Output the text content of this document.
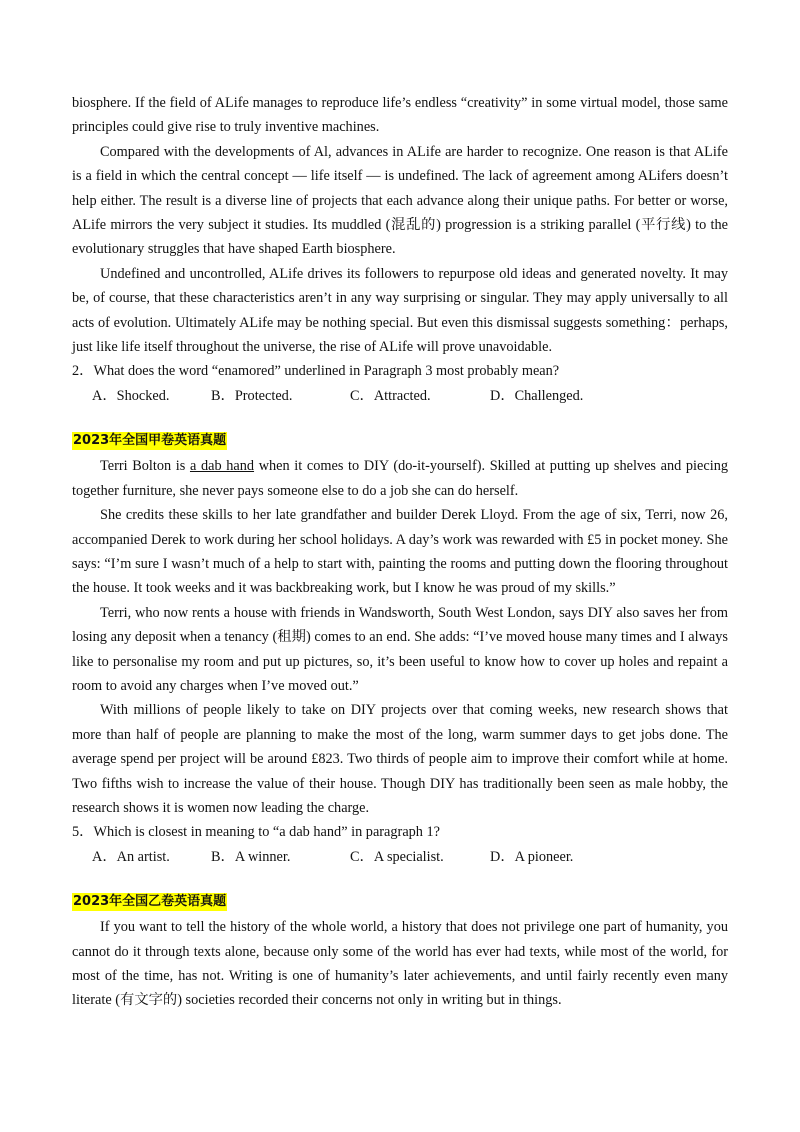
biosphere. If the field of ALife manages to reproduce life’s endless “creativity” in some virtual model, those same principles could give rise to truly inventive machines.

Compared with the developments of Al, advances in ALife are harder to recognize. One reason is that ALife is a field in which the central concept — life itself — is undefined. The lack of agreement among ALifers doesn’t help either. The result is a diverse line of projects that each advance along their unique paths. For better or worse, ALife mirrors the very subject it studies. Its muddled (混乱的) progression is a striking parallel (平行线) to the evolutionary struggles that have shaped Earth biosphere.

Undefined and uncontrolled, ALife drives its followers to repurpose old ideas and generated novelty. It may be, of course, that these characteristics aren’t in any way surprising or singular. They may apply universally to all acts of evolution. Ultimately ALife may be nothing special. But even this dismissal suggests something：perhaps, just like life itself throughout the universe, the rise of ALife will prove unavoidable.

2．What does the word “enamored” underlined in Paragraph 3 most probably mean?
A．Shocked.	B．Protected.	C．Attracted.	D．Challenged.
2023年全国甲卷英语真题

Terri Bolton is a dab hand when it comes to DIY (do-it-yourself). Skilled at putting up shelves and piecing together furniture, she never pays someone else to do a job she can do herself.

She credits these skills to her late grandfather and builder Derek Lloyd. From the age of six, Terri, now 26, accompanied Derek to work during her school holidays. A day’s work was rewarded with £5 in pocket money. She says: “I’m sure I wasn’t much of a help to start with, painting the rooms and putting down the flooring throughout the house. It took weeks and it was backbreaking work, but I know he was proud of my skills.”

Terri, who now rents a house with friends in Wandsworth, South West London, says DIY also saves her from losing any deposit when a tenancy (租期) comes to an end. She adds: “I’ve moved house many times and I always like to personalise my room and put up pictures, so, it’s been useful to know how to cover up holes and repaint a room to avoid any charges when I’ve moved out.”

With millions of people likely to take on DIY projects over that coming weeks, new research shows that more than half of people are planning to make the most of the long, warm summer days to get jobs done. The average spend per project will be around £823. Two thirds of people aim to improve their comfort while at home. Two fifths wish to increase the value of their house. Though DIY has traditionally been seen as male hobby, the research shows it is women now leading the charge.

5．Which is closest in meaning to “a dab hand” in paragraph 1?
A．An artist.	B．A winner.	C．A specialist.	D．A pioneer.
2023年全国乙卷英语真题

If you want to tell the history of the whole world, a history that does not privilege one part of humanity, you cannot do it through texts alone, because only some of the world has ever had texts, while most of the world, for most of the time, has not. Writing is one of humanity’s later achievements, and until fairly recently even many literate (有文字的) societies recorded their concerns not only in writing but in things.
